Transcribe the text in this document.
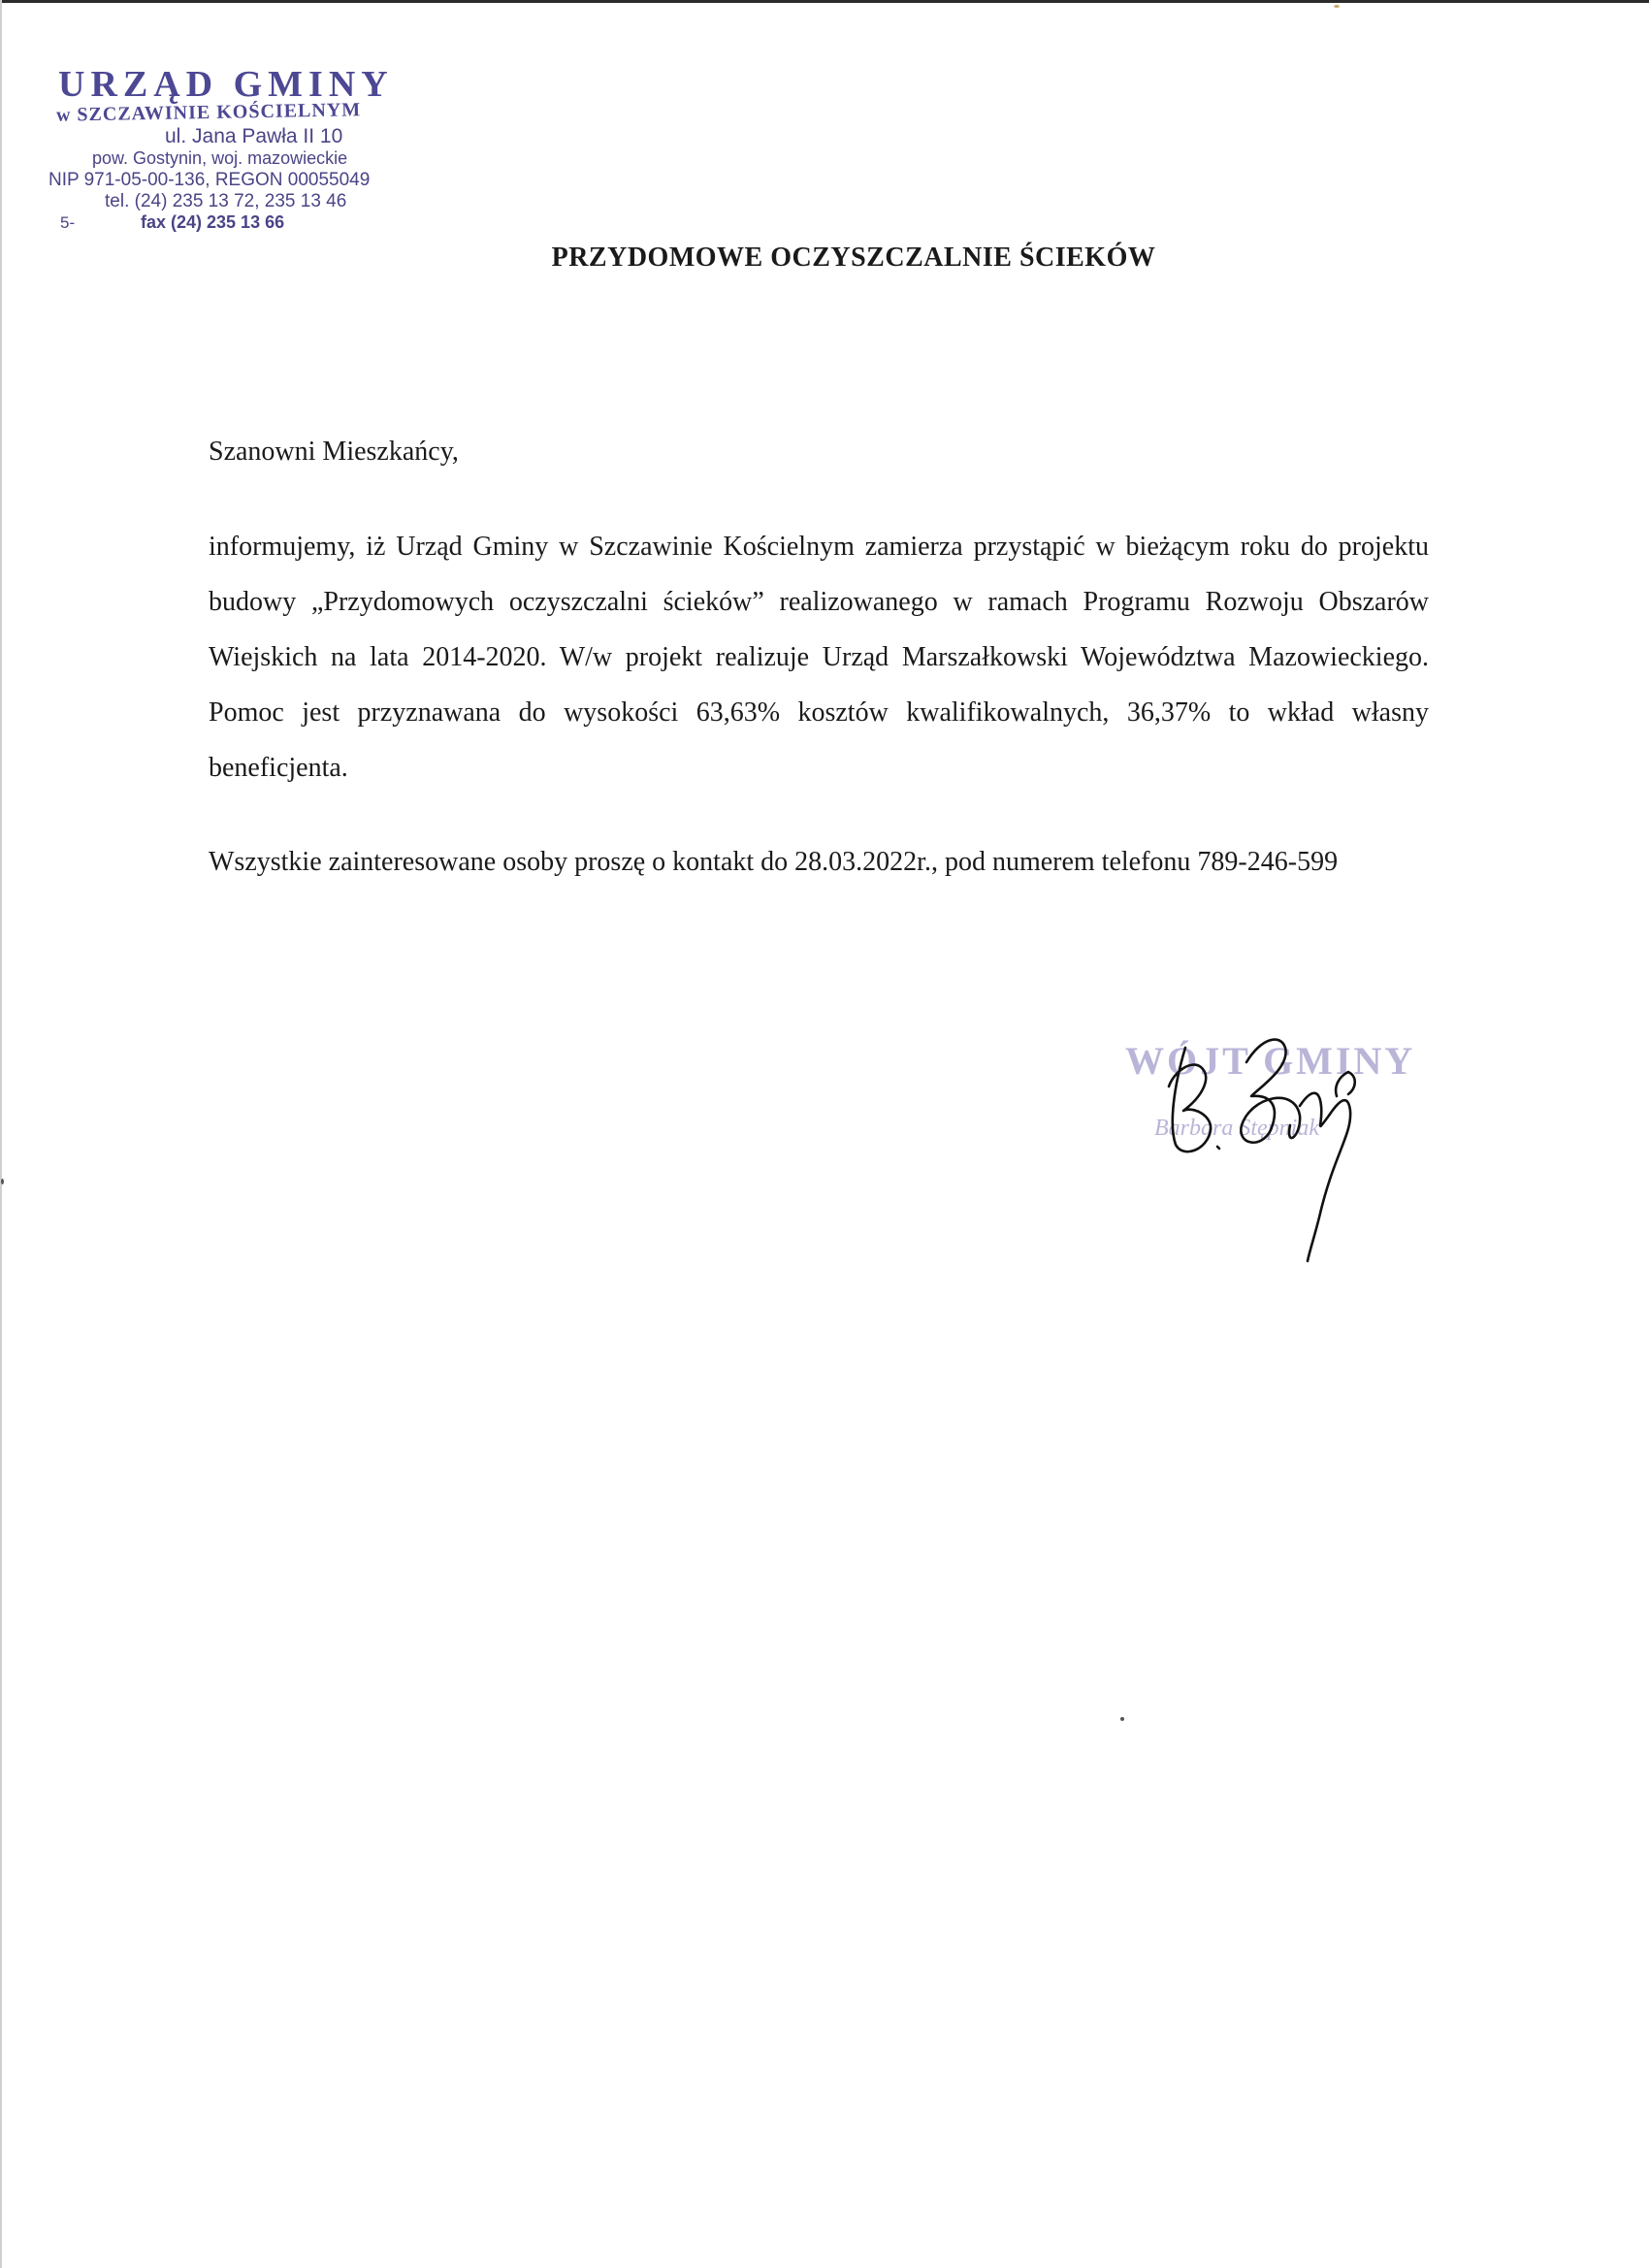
URZĄD GMINY
w SZCZAWINIE KOŚCIELNYM
ul. Jana Pawła II 10
pow. Gostynin, woj. mazowieckie
NIP 971-05-00-136, REGON 00055049
tel. (24) 235 13 72, 235 13 46
5-	fax (24) 235 13 66
PRZYDOMOWE OCZYSZCZALNIE ŚCIEKÓW
Szanowni Mieszkańcy,
informujemy, iż Urząd Gminy w Szczawinie Kościelnym zamierza przystąpić w bieżącym roku do projektu budowy „Przydomowych oczyszczalni ścieków” realizowanego w ramach Programu Rozwoju Obszarów Wiejskich na lata 2014-2020. W/w projekt realizuje Urząd Marszałkowski Województwa Mazowieckiego. Pomoc jest przyznawana do wysokości 63,63% kosztów kwalifikowalnych, 36,37% to wkład własny beneficjenta.
Wszystkie zainteresowane osoby proszę o kontakt do 28.03.2022r., pod numerem telefonu 789-246-599
WÓJT GMINY
Barbara Stępniak
